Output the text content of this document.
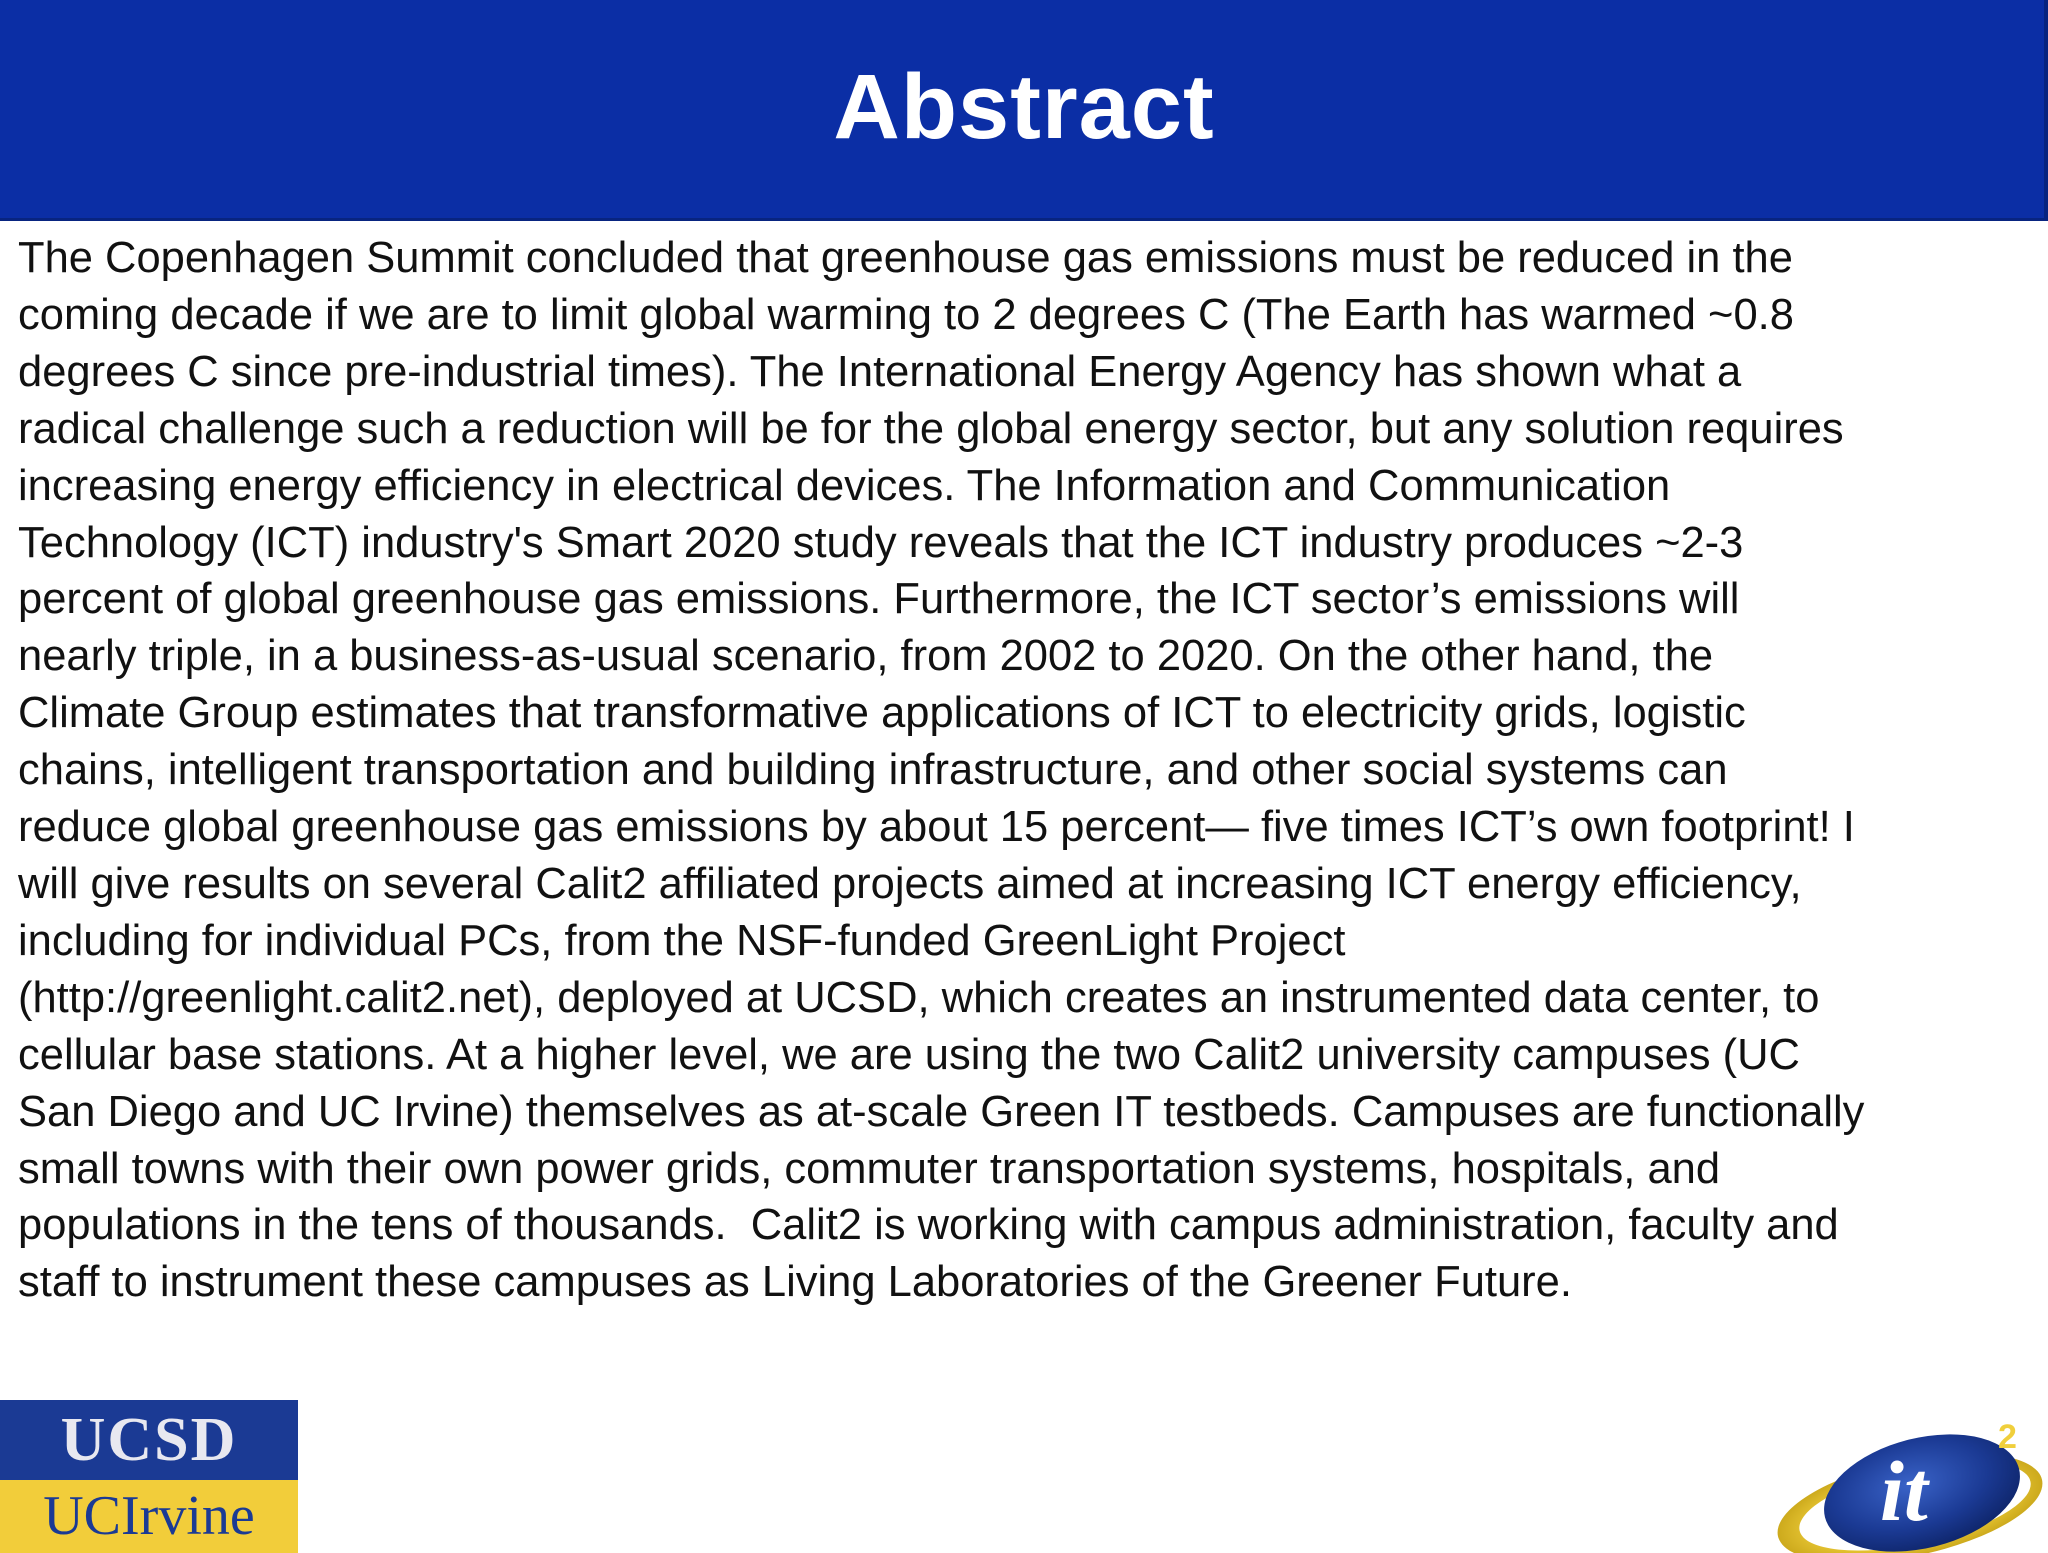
Abstract
The Copenhagen Summit concluded that greenhouse gas emissions must be reduced in the
coming decade if we are to limit global warming to 2 degrees C (The Earth has warmed ~0.8
degrees C since pre-industrial times). The International Energy Agency has shown what a
radical challenge such a reduction will be for the global energy sector, but any solution requires
increasing energy efficiency in electrical devices. The Information and Communication
Technology (ICT) industry's Smart 2020 study reveals that the ICT industry produces ~2-3
percent of global greenhouse gas emissions. Furthermore, the ICT sector’s emissions will
nearly triple, in a business-as-usual scenario, from 2002 to 2020. On the other hand, the
Climate Group estimates that transformative applications of ICT to electricity grids, logistic
chains, intelligent transportation and building infrastructure, and other social systems can
reduce global greenhouse gas emissions by about 15 percent— five times ICT’s own footprint! I
will give results on several Calit2 affiliated projects aimed at increasing ICT energy efficiency,
including for individual PCs, from the NSF-funded GreenLight Project
(http://greenlight.calit2.net), deployed at UCSD, which creates an instrumented data center, to
cellular base stations. At a higher level, we are using the two Calit2 university campuses (UC
San Diego and UC Irvine) themselves as at-scale Green IT testbeds. Campuses are functionally
small towns with their own power grids, commuter transportation systems, hospitals, and
populations in the tens of thousands.  Calit2 is working with campus administration, faculty and
staff to instrument these campuses as Living Laboratories of the Greener Future.
UCSD
UCIrvine	it
2
